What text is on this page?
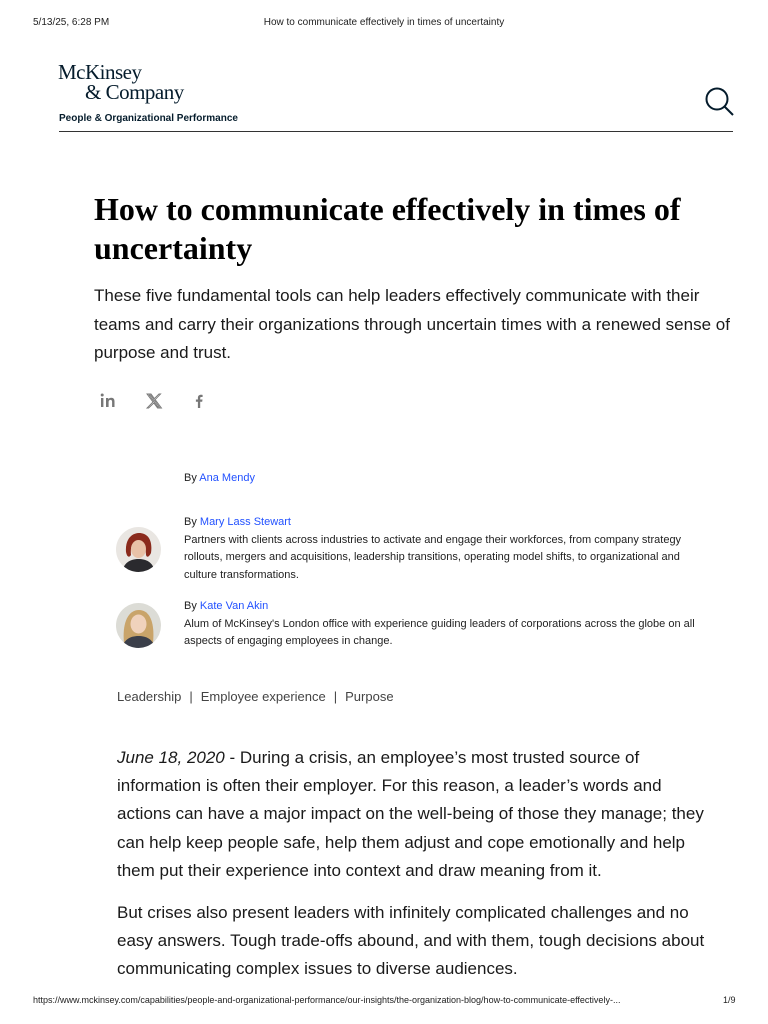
5/13/25, 6:28 PM	How to communicate effectively in times of uncertainty
McKinsey
& Company
People & Organizational Performance
How to communicate effectively in times of uncertainty

These five fundamental tools can help leaders effectively communicate with their teams and carry their organizations through uncertain times with a renewed sense of purpose and trust.

By Ana Mendy
By Mary Lass Stewart

Partners with clients across industries to activate and engage their workforces, from company strategy rollouts, mergers and acquisitions, leadership transitions, operating model shifts, to organizational and culture transformations.

By Kate Van Akin

Alum of McKinsey's London office with experience guiding leaders of corporations across the globe on all aspects of engaging employees in change.

Leadership | Employee experience | Purpose

June 18, 2020 - During a crisis, an employee’s most trusted source of information is often their employer. For this reason, a leader’s words and actions can have a major impact on the well-being of those they manage; they can help keep people safe, help them adjust and cope emotionally and help them put their experience into context and draw meaning from it.

But crises also present leaders with infinitely complicated challenges and no easy answers. Tough trade-offs abound, and with them, tough decisions about communicating complex issues to diverse audiences.

https://www.mckinsey.com/capabilities/people-and-organizational-performance/our-insights/the-organization-blog/how-to-communicate-effectively-...	1/9
